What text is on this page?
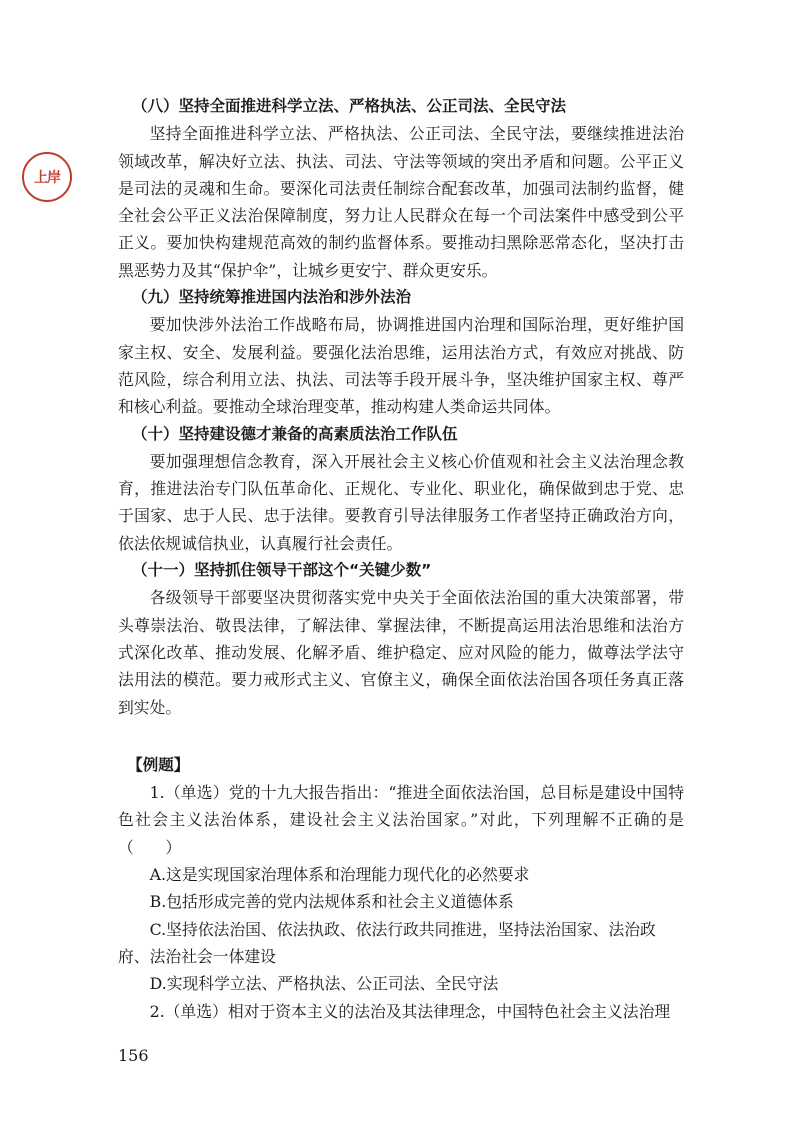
上岸

（八）坚持全面推进科学立法、严格执法、公正司法、全民守法

坚持全面推进科学立法、严格执法、公正司法、全民守法，要继续推进法治领域改革，解决好立法、执法、司法、守法等领域的突出矛盾和问题。公平正义是司法的灵魂和生命。要深化司法责任制综合配套改革，加强司法制约监督，健全社会公平正义法治保障制度，努力让人民群众在每一个司法案件中感受到公平正义。要加快构建规范高效的制约监督体系。要推动扫黑除恶常态化，坚决打击黑恶势力及其“保护伞”，让城乡更安宁、群众更安乐。

（九）坚持统筹推进国内法治和涉外法治

要加快涉外法治工作战略布局，协调推进国内治理和国际治理，更好维护国家主权、安全、发展利益。要强化法治思维，运用法治方式，有效应对挑战、防范风险，综合利用立法、执法、司法等手段开展斗争，坚决维护国家主权、尊严和核心利益。要推动全球治理变革，推动构建人类命运共同体。

（十）坚持建设德才兼备的高素质法治工作队伍

要加强理想信念教育，深入开展社会主义核心价值观和社会主义法治理念教育，推进法治专门队伍革命化、正规化、专业化、职业化，确保做到忠于党、忠于国家、忠于人民、忠于法律。要教育引导法律服务工作者坚持正确政治方向，依法依规诚信执业，认真履行社会责任。

（十一）坚持抓住领导干部这个“关键少数”

各级领导干部要坚决贯彻落实党中央关于全面依法治国的重大决策部署，带头尊崇法治、敬畏法律，了解法律、掌握法律，不断提高运用法治思维和法治方式深化改革、推动发展、化解矛盾、维护稳定、应对风险的能力，做尊法学法守法用法的模范。要力戒形式主义、官僚主义，确保全面依法治国各项任务真正落到实处。

【例题】

1.（单选）党的十九大报告指出：“推进全面依法治国，总目标是建设中国特色社会主义法治体系，建设社会主义法治国家。”对此，下列理解不正确的是（　　）

A.这是实现国家治理体系和治理能力现代化的必然要求

B.包括形成完善的党内法规体系和社会主义道德体系

C.坚持依法治国、依法执政、依法行政共同推进，坚持法治国家、法治政府、法治社会一体建设

D.实现科学立法、严格执法、公正司法、全民守法

2.（单选）相对于资本主义的法治及其法律理念，中国特色社会主义法治理

156
